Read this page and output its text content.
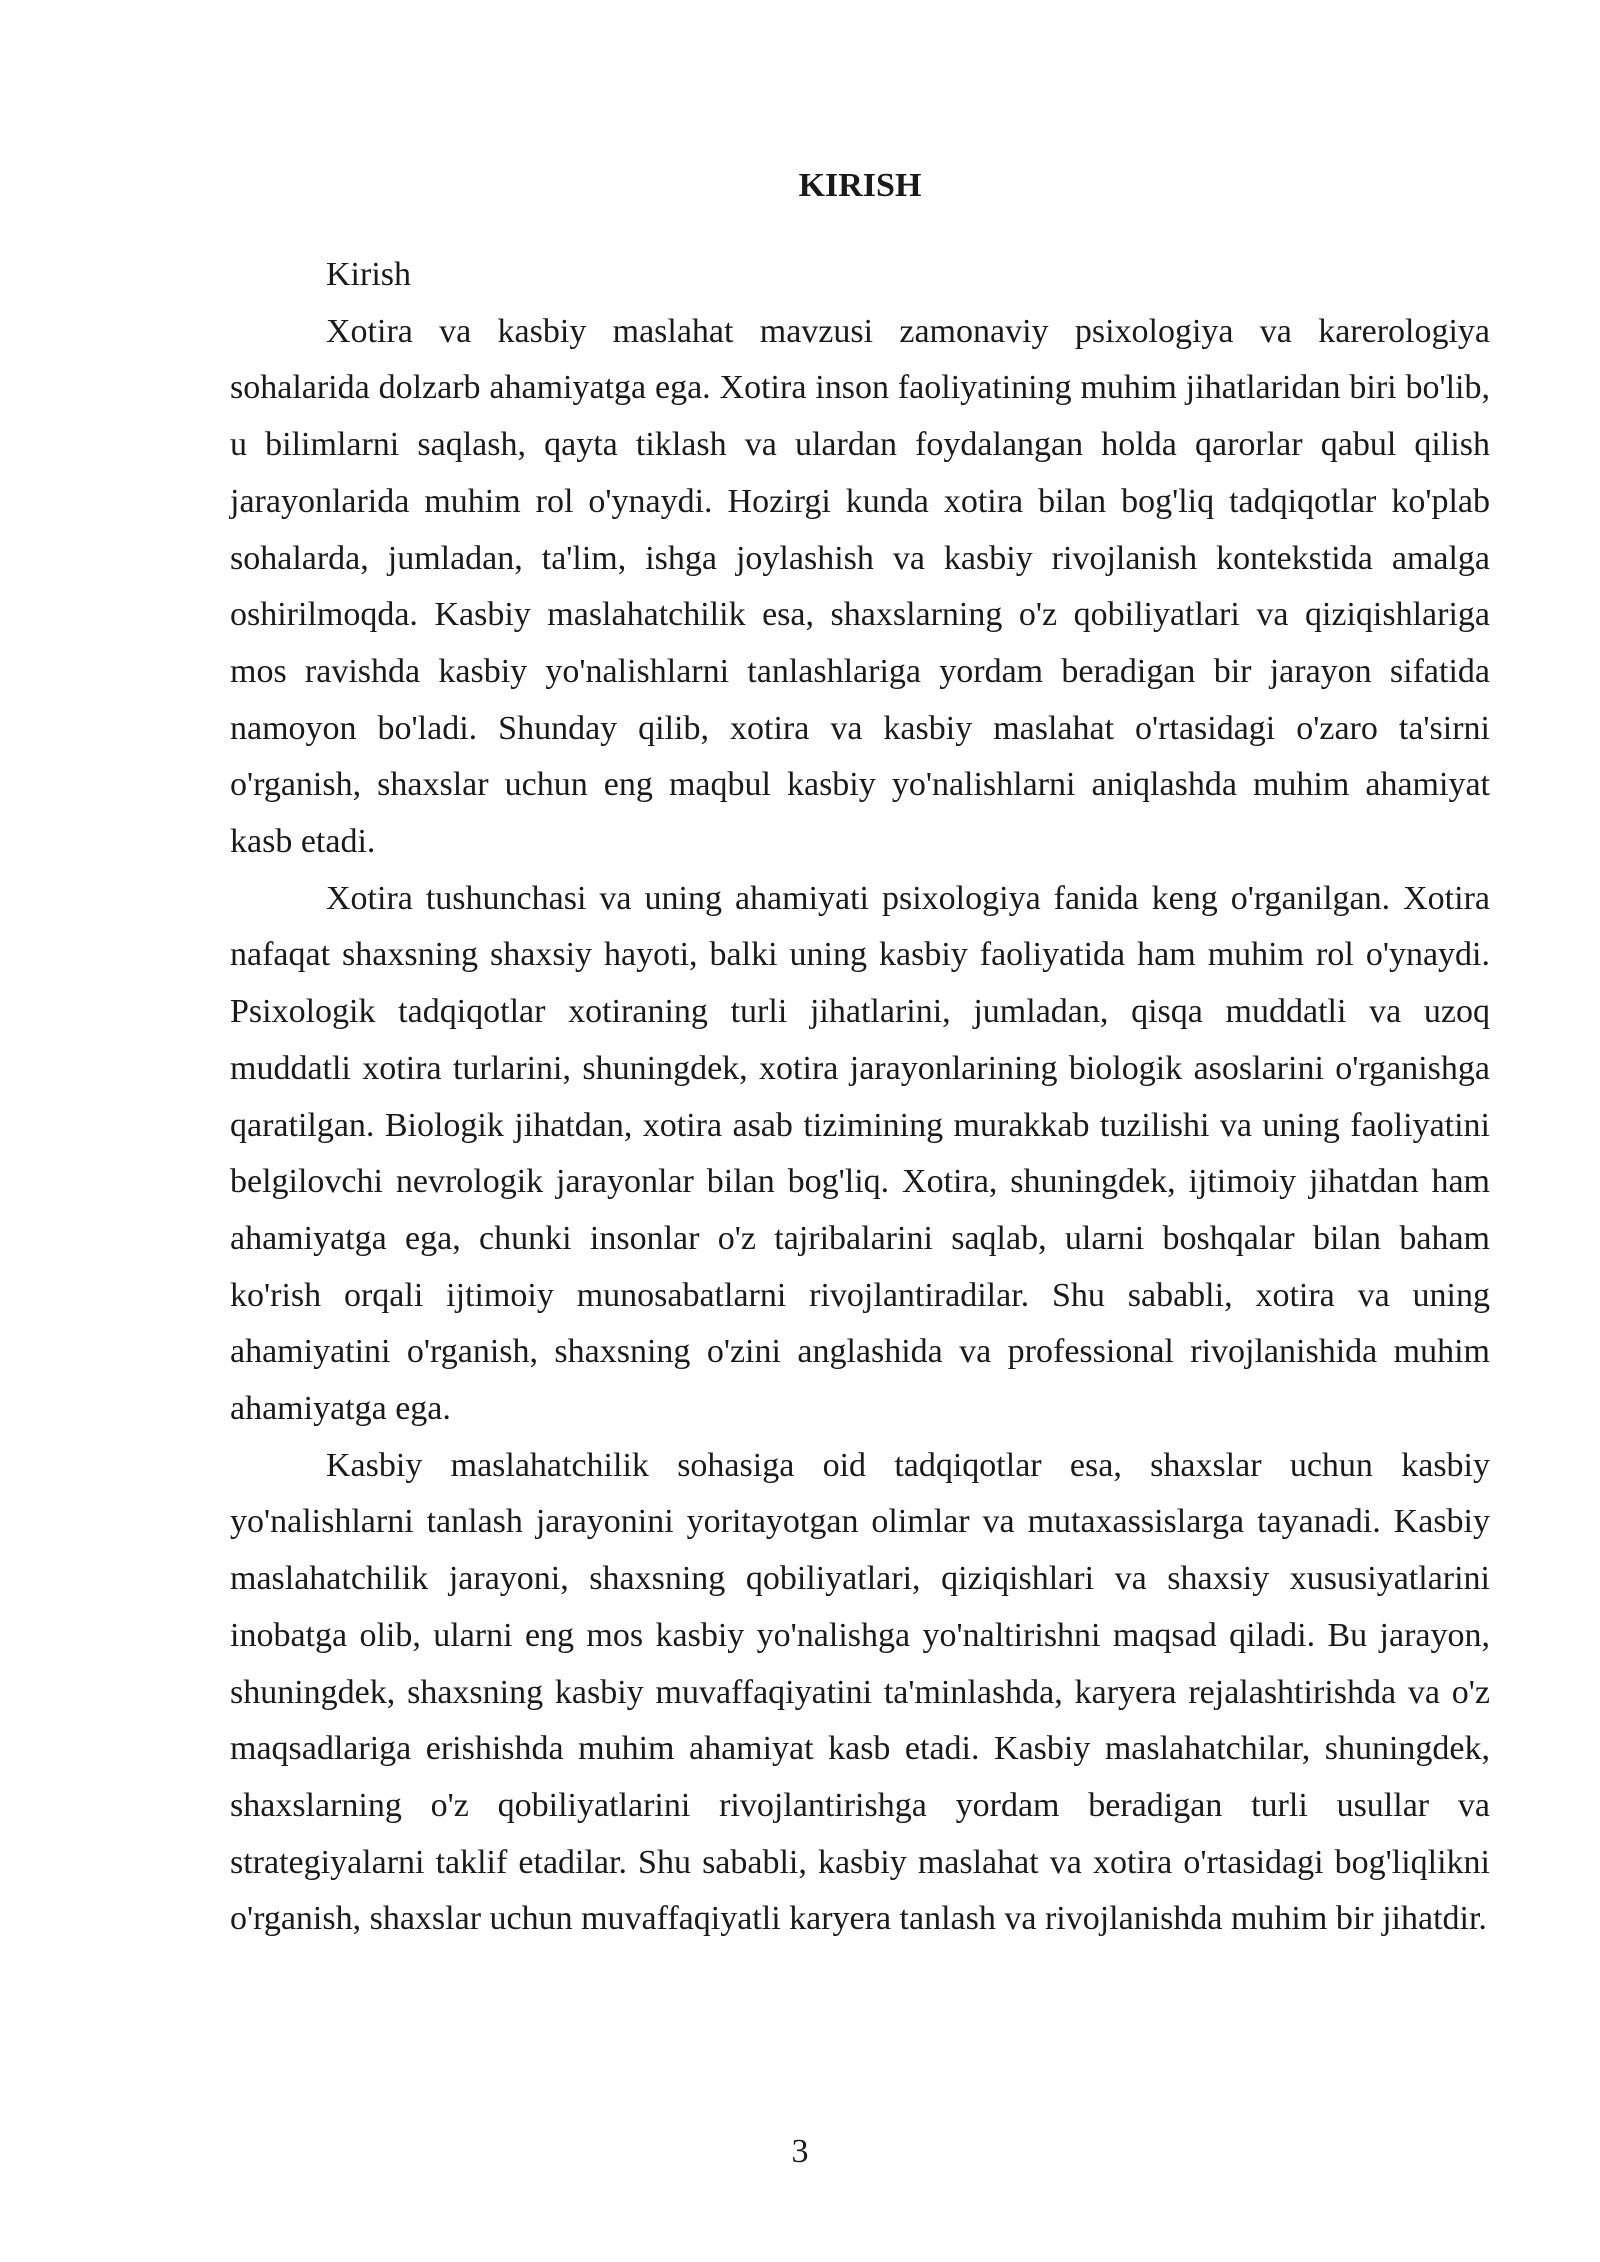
KIRISH

Kirish

Xotira va kasbiy maslahat mavzusi zamonaviy psixologiya va karerologiya sohalarida dolzarb ahamiyatga ega. Xotira inson faoliyatining muhim jihatlaridan biri bo'lib, u bilimlarni saqlash, qayta tiklash va ulardan foydalangan holda qarorlar qabul qilish jarayonlarida muhim rol o'ynaydi. Hozirgi kunda xotira bilan bog'liq tadqiqotlar ko'plab sohalarda, jumladan, ta'lim, ishga joylashish va kasbiy rivojlanish kontekstida amalga oshirilmoqda. Kasbiy maslahatchilik esa, shaxslarning o'z qobiliyatlari va qiziqishlariga mos ravishda kasbiy yo'nalishlarni tanlashlariga yordam beradigan bir jarayon sifatida namoyon bo'ladi. Shunday qilib, xotira va kasbiy maslahat o'rtasidagi o'zaro ta'sirni o'rganish, shaxslar uchun eng maqbul kasbiy yo'nalishlarni aniqlashda muhim ahamiyat kasb etadi.

Xotira tushunchasi va uning ahamiyati psixologiya fanida keng o'rganilgan. Xotira nafaqat shaxsning shaxsiy hayoti, balki uning kasbiy faoliyatida ham muhim rol o'ynaydi. Psixologik tadqiqotlar xotiraning turli jihatlarini, jumladan, qisqa muddatli va uzoq muddatli xotira turlarini, shuningdek, xotira jarayonlarining biologik asoslarini o'rganishga qaratilgan. Biologik jihatdan, xotira asab tizimining murakkab tuzilishi va uning faoliyatini belgilovchi nevrologik jarayonlar bilan bog'liq. Xotira, shuningdek, ijtimoiy jihatdan ham ahamiyatga ega, chunki insonlar o'z tajribalarini saqlab, ularni boshqalar bilan baham ko'rish orqali ijtimoiy munosabatlarni rivojlantiradilar. Shu sababli, xotira va uning ahamiyatini o'rganish, shaxsning o'zini anglashida va professional rivojlanishida muhim ahamiyatga ega.

Kasbiy maslahatchilik sohasiga oid tadqiqotlar esa, shaxslar uchun kasbiy yo'nalishlarni tanlash jarayonini yoritayotgan olimlar va mutaxassislarga tayanadi. Kasbiy maslahatchilik jarayoni, shaxsning qobiliyatlari, qiziqishlari va shaxsiy xususiyatlarini inobatga olib, ularni eng mos kasbiy yo'nalishga yo'naltirishni maqsad qiladi. Bu jarayon, shuningdek, shaxsning kasbiy muvaffaqiyatini ta'minlashda, karyera rejalashtirishda va o'z maqsadlariga erishishda muhim ahamiyat kasb etadi. Kasbiy maslahatchilar, shuningdek, shaxslarning o'z qobiliyatlarini rivojlantirishga yordam beradigan turli usullar va strategiyalarni taklif etadilar. Shu sababli, kasbiy maslahat va xotira o'rtasidagi bog'liqlikni o'rganish, shaxslar uchun muvaffaqiyatli karyera tanlash va rivojlanishda muhim bir jihatdir.

3
